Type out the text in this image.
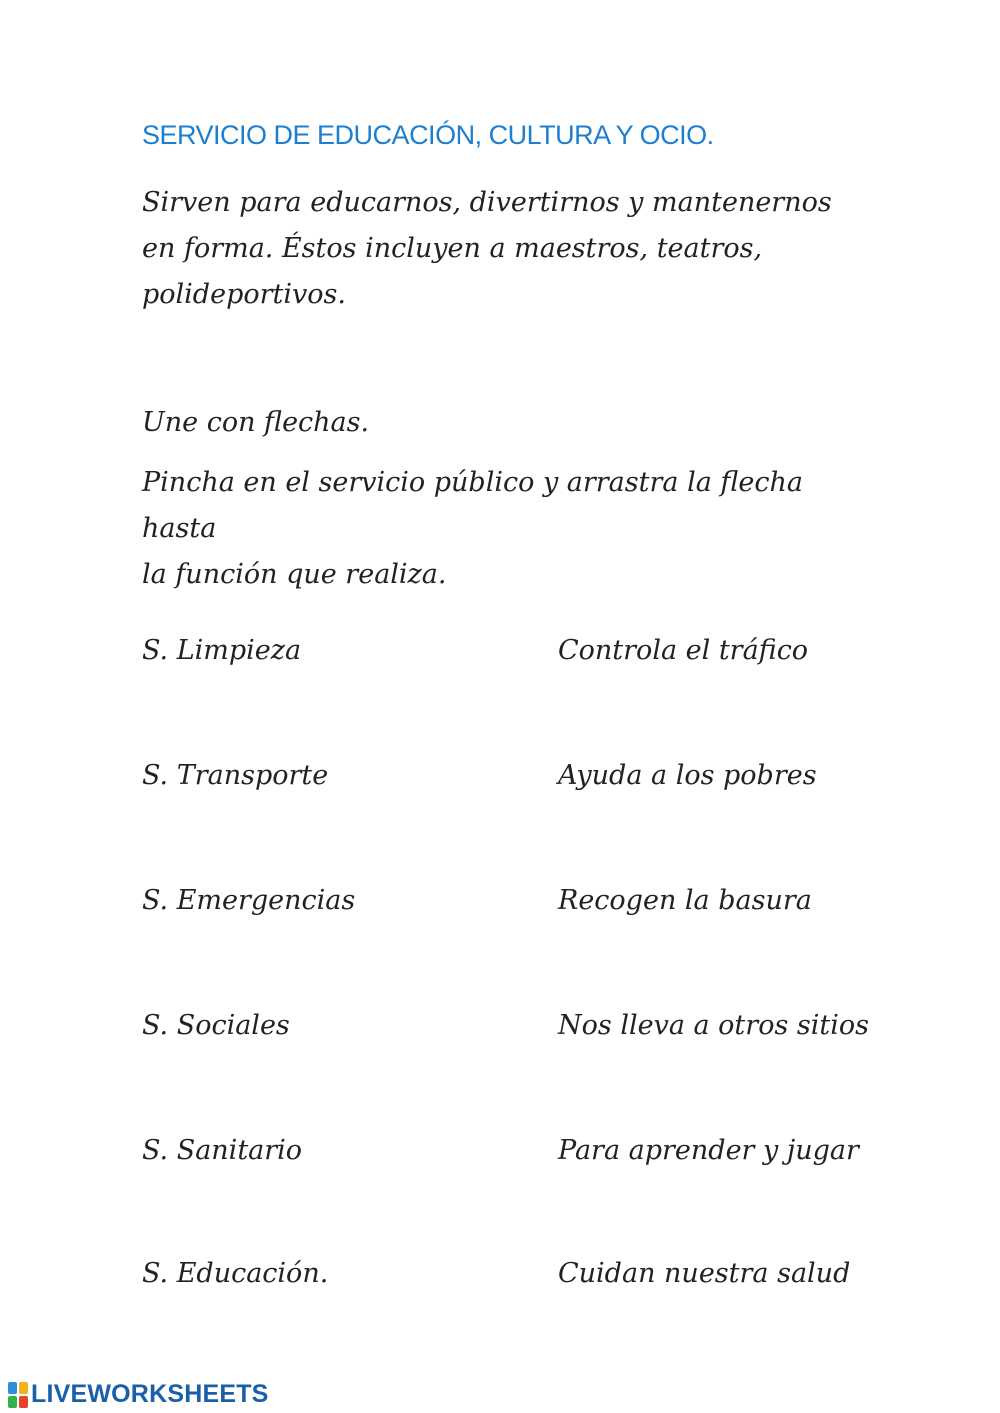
SERVICIO DE EDUCACIÓN, CULTURA Y OCIO.

Sirven para educarnos, divertirnos y mantenernos

en forma. Éstos incluyen a maestros, teatros,

polideportivos.

Une con flechas.

Pincha en el servicio público y arrastra la flecha hasta

la función que realiza.

S. Limpieza
S. Transporte
S. Emergencias
S. Sociales
S. Sanitario
S. Educación.
Controla el tráfico
Ayuda a los pobres
Recogen la basura
Nos lleva a otros sitios
Para aprender y jugar
Cuidan nuestra salud
LIVEWORKSHEETS
